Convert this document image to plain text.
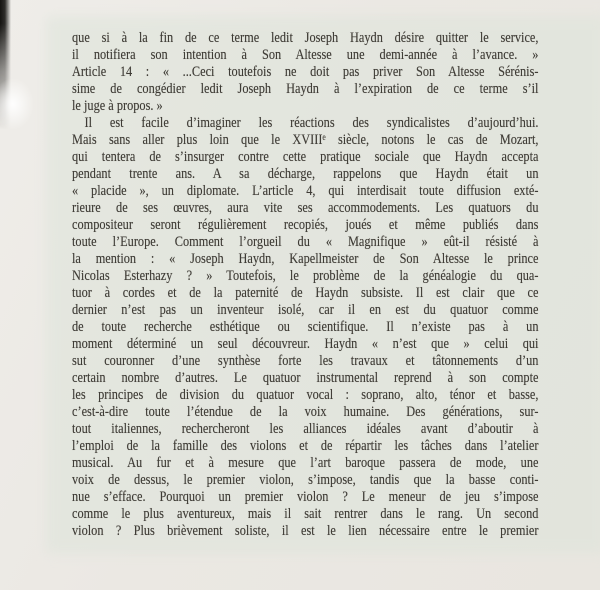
que si à la fin de ce terme ledit Joseph Haydn désire quitter le service,
il notifiera son intention à Son Altesse une demi-année à l’avance. »
Article 14 : « ...Ceci toutefois ne doit pas priver Son Altesse Sérénis-
sime de congédier ledit Joseph Haydn à l’expiration de ce terme s’il
le juge à propos. »
Il est facile d’imaginer les réactions des syndicalistes d’aujourd’hui.
Mais sans aller plus loin que le XVIIIᵉ siècle, notons le cas de Mozart,
qui tentera de s’insurger contre cette pratique sociale que Haydn accepta
pendant trente ans. A sa décharge, rappelons que Haydn était un
« placide », un diplomate. L’article 4, qui interdisait toute diffusion exté-
rieure de ses œuvres, aura vite ses accommodements. Les quatuors du
compositeur seront régulièrement recopiés, joués et même publiés dans
toute l’Europe. Comment l’orgueil du « Magnifique » eût-il résisté à
la mention : « Joseph Haydn, Kapellmeister de Son Altesse le prince
Nicolas Esterhazy ? » Toutefois, le problème de la généalogie du qua-
tuor à cordes et de la paternité de Haydn subsiste. Il est clair que ce
dernier n’est pas un inventeur isolé, car il en est du quatuor comme
de toute recherche esthétique ou scientifique. Il n’existe pas à un
moment déterminé un seul découvreur. Haydn « n’est que » celui qui
sut couronner d’une synthèse forte les travaux et tâtonnements d’un
certain nombre d’autres. Le quatuor instrumental reprend à son compte
les principes de division du quatuor vocal : soprano, alto, ténor et basse,
c’est-à-dire toute l’étendue de la voix humaine. Des générations, sur-
tout italiennes, rechercheront les alliances idéales avant d’aboutir à
l’emploi de la famille des violons et de répartir les tâches dans l’atelier
musical. Au fur et à mesure que l’art baroque passera de mode, une
voix de dessus, le premier violon, s’impose, tandis que la basse conti-
nue s’efface. Pourquoi un premier violon ? Le meneur de jeu s’impose
comme le plus aventureux, mais il sait rentrer dans le rang. Un second
violon ? Plus brièvement soliste, il est le lien nécessaire entre le premier
